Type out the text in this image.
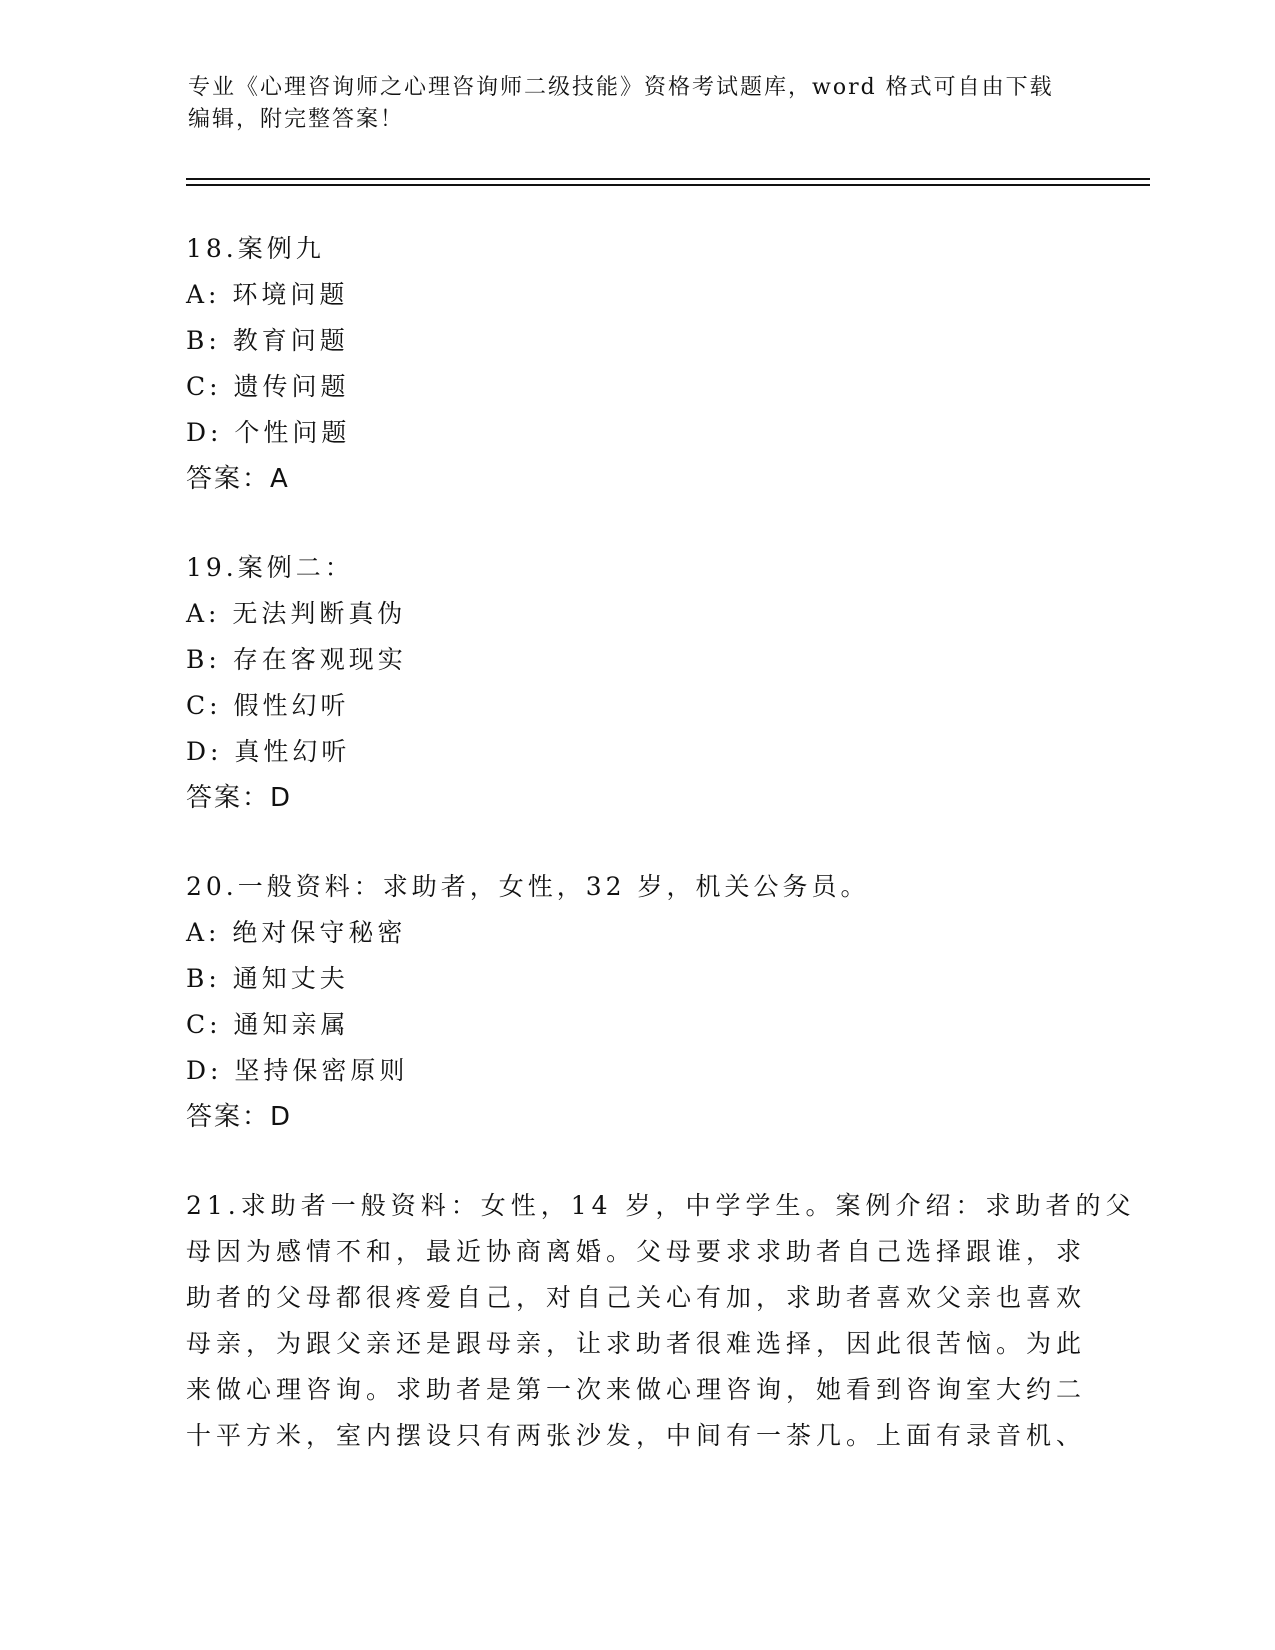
专业《心理咨询师之心理咨询师二级技能》资格考试题库，word 格式可自由下载
编辑，附完整答案！
18.案例九
A: 环境问题
B: 教育问题
C: 遗传问题
D: 个性问题
答案：A
19.案例二：
A: 无法判断真伪
B: 存在客观现实
C: 假性幻听
D: 真性幻听
答案：D
20.一般资料：求助者，女性，32 岁，机关公务员。
A: 绝对保守秘密
B: 通知丈夫
C: 通知亲属
D: 坚持保密原则
答案：D
21.求助者一般资料：女性，14 岁，中学学生。案例介绍：求助者的父
母因为感情不和，最近协商离婚。父母要求求助者自己选择跟谁，求
助者的父母都很疼爱自己，对自己关心有加，求助者喜欢父亲也喜欢
母亲，为跟父亲还是跟母亲，让求助者很难选择，因此很苦恼。为此
来做心理咨询。求助者是第一次来做心理咨询，她看到咨询室大约二
十平方米，室内摆设只有两张沙发，中间有一茶几。上面有录音机、
